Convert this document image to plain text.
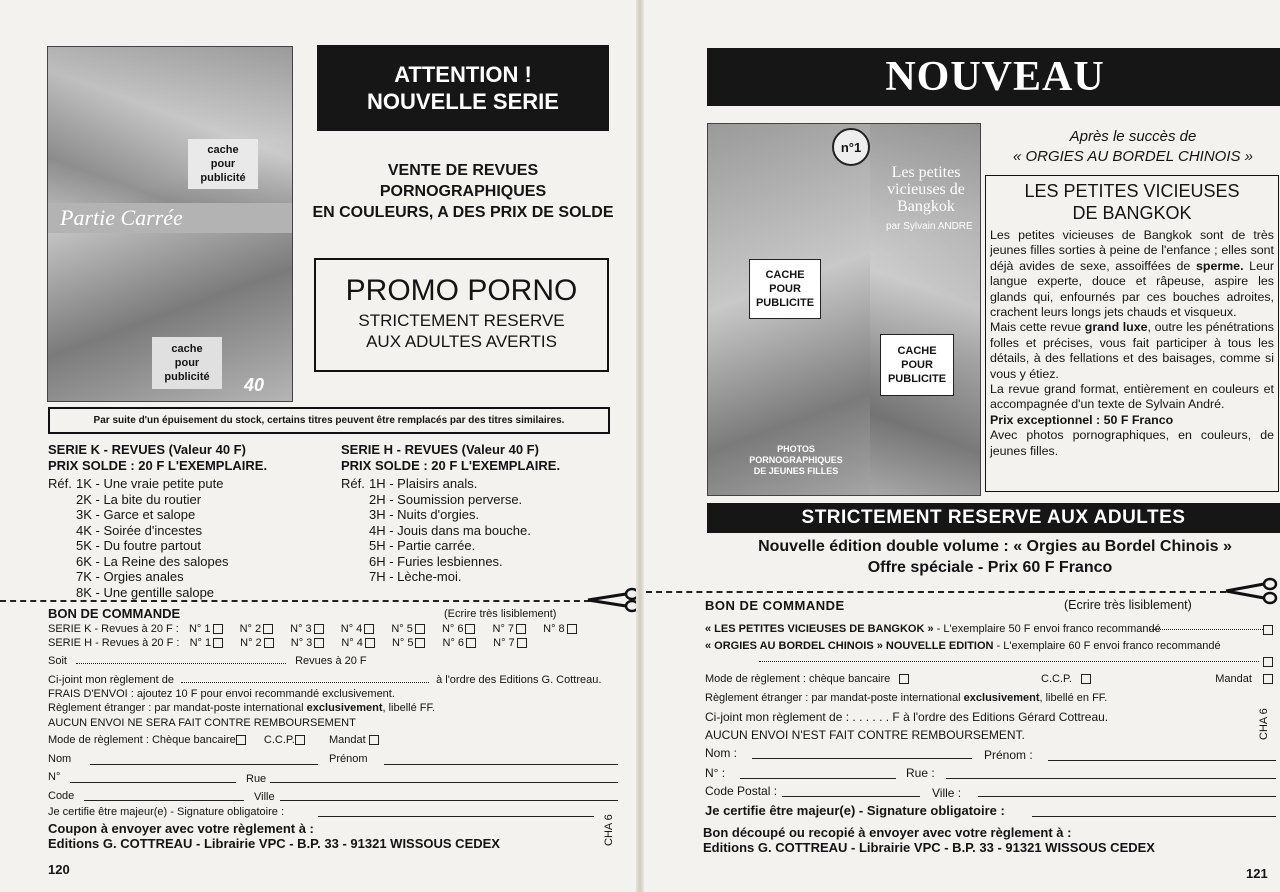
cache
pour
publicité
Partie Carrée
cache
pour
publicité	40
ATTENTION !
NOUVELLE SERIE
VENTE DE REVUES
PORNOGRAPHIQUES
EN COULEURS, A DES PRIX DE SOLDE
PROMO PORNO
STRICTEMENT RESERVE
AUX ADULTES AVERTIS
Par suite d'un épuisement du stock, certains titres peuvent être remplacés par des titres similaires.
SERIE K - REVUES (Valeur 40 F)
PRIX SOLDE : 20 F L'EXEMPLAIRE.
Réf. 1K - Une vraie petite pute
2K - La bite du routier
3K - Garce et salope
4K - Soirée d'incestes
5K - Du foutre partout
6K - La Reine des salopes
7K - Orgies anales
8K - Une gentille salope
SERIE H - REVUES (Valeur 40 F)
PRIX SOLDE : 20 F L'EXEMPLAIRE.
Réf. 1H - Plaisirs anals.
2H - Soumission perverse.
3H - Nuits d'orgies.
4H - Jouis dans ma bouche.
5H - Partie carrée.
6H - Furies lesbiennes.
7H - Lèche-moi.
BON DE COMMANDE	(Ecrire très lisiblement)
SERIE K - Revues à 20 F : N° 1	N° 2	N° 3	N° 4	N° 5	N° 6	N° 7	N° 8
SERIE H - Revues à 20 F : N° 1	N° 2	N° 3	N° 4	N° 5	N° 6	N° 7
Soit	Revues à 20 F
Ci-joint mon règlement de	à l'ordre des Editions G. Cottreau.
FRAIS D'ENVOI : ajoutez 10 F pour envoi recommandé exclusivement.
Règlement étranger : par mandat-poste international exclusivement, libellé FF.
AUCUN ENVOI NE SERA FAIT CONTRE REMBOURSEMENT
Mode de règlement : Chèque bancaire	C.C.P.	Mandat
Nom	Prénom
N°	Rue
Code	Ville
Je certifie être majeur(e) - Signature obligatoire :
Coupon à envoyer avec votre règlement à :
Editions G. COTTREAU - Librairie VPC - B.P. 33 - 91321 WISSOUS CEDEX	CHA 6
120
NOUVEAU
n°1
Les petites vicieuses de Bangkok
par Sylvain ANDRE
CACHE
POUR
PUBLICITE
CACHE
POUR
PUBLICITE
PHOTOS
PORNOGRAPHIQUES
DE JEUNES FILLES
Après le succès de
« ORGIES AU BORDEL CHINOIS »
LES PETITES VICIEUSES
DE BANGKOK
Les petites vicieuses de Bangkok sont de très jeunes filles sorties à peine de l'enfance ; elles sont déjà avides de sexe, assoiffées de sperme. Leur langue experte, douce et râpeuse, aspire les glands qui, enfournés par ces bouches adroites, crachent leurs longs jets chauds et visqueux.
Mais cette revue grand luxe, outre les pénétrations folles et précises, vous fait participer à tous les détails, à des fellations et des baisages, comme si vous y étiez.
La revue grand format, entièrement en couleurs et accompagnée d'un texte de Sylvain André.
Prix exceptionnel : 50 F Franco
Avec photos pornographiques, en couleurs, de jeunes filles.
STRICTEMENT RESERVE AUX ADULTES
Nouvelle édition double volume : « Orgies au Bordel Chinois »
Offre spéciale - Prix 60 F Franco
BON DE COMMANDE	(Ecrire très lisiblement)
« LES PETITES VICIEUSES DE BANGKOK » - L'exemplaire 50 F envoi franco recommandé
« ORGIES AU BORDEL CHINOIS » NOUVELLE EDITION - L'exemplaire 60 F envoi franco recommandé
Mode de règlement : chèque bancaire	C.C.P.	Mandat
Règlement étranger : par mandat-poste international exclusivement, libellé en FF.
Ci-joint mon règlement de : . . . . . . F à l'ordre des Editions Gérard Cottreau.
AUCUN ENVOI N'EST FAIT CONTRE REMBOURSEMENT.	CHA 6
Nom :	Prénom :
N° :	Rue :
Code Postal :	Ville :
Je certifie être majeur(e) - Signature obligatoire :
Bon découpé ou recopié à envoyer avec votre règlement à :
Editions G. COTTREAU - Librairie VPC - B.P. 33 - 91321 WISSOUS CEDEX
121
